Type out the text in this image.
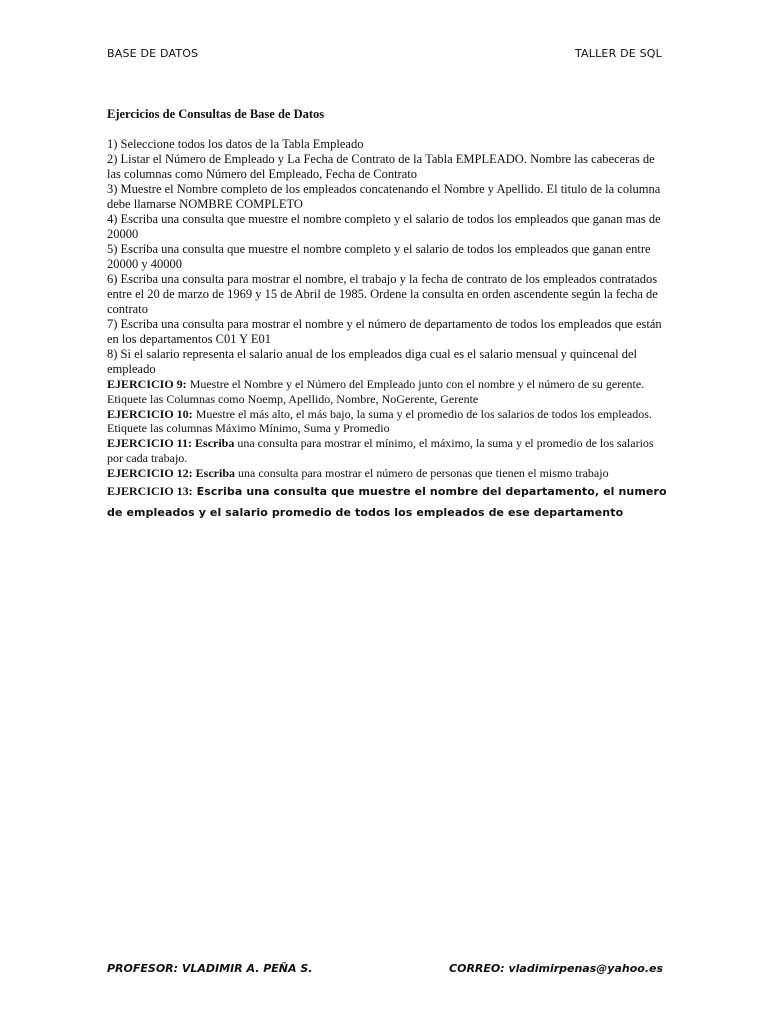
BASE DE DATOS	TALLER DE SQL

Ejercicios de Consultas de Base de Datos

1) Seleccione todos los datos de la Tabla Empleado

2) Listar el Número de Empleado y La Fecha de Contrato de la Tabla EMPLEADO. Nombre las cabeceras de las columnas como Número del Empleado, Fecha de Contrato

3) Muestre el Nombre completo de los empleados concatenando el Nombre y Apellido. El titulo de la columna debe llamarse NOMBRE COMPLETO

4) Escriba una consulta que muestre el nombre completo y el salario de todos los empleados que ganan mas de 20000

5) Escriba una consulta que muestre el nombre completo y el salario de todos los empleados que ganan entre 20000 y 40000

6) Escriba una consulta para mostrar el nombre, el trabajo y la fecha de contrato de los empleados contratados entre el 20 de marzo de 1969 y 15 de Abril de 1985. Ordene la consulta en orden ascendente según la fecha de contrato

7) Escriba una consulta para mostrar el nombre y el número de departamento de todos los empleados que están en los departamentos C01 Y E01

8) Si el salario representa el salario anual de los empleados diga cual es el salario mensual y quincenal del empleado

EJERCICIO 9: Muestre el Nombre y el Número del Empleado junto con el nombre y el número de su gerente. Etiquete las Columnas como Noemp, Apellido, Nombre, NoGerente, Gerente

EJERCICIO 10: Muestre el más alto, el más bajo, la suma y el promedio de los salarios de todos los empleados. Etiquete las columnas Máximo Mínimo, Suma y Promedio

EJERCICIO 11: Escriba una consulta para mostrar el mínimo, el máximo, la suma y el promedio de los salarios por cada trabajo.

EJERCICIO 12: Escriba una consulta para mostrar el número de personas que tienen el mismo trabajo

EJERCICIO 13: Escriba una consulta que muestre el nombre del departamento, el numero de empleados y el salario promedio de todos los empleados de ese departamento

PROFESOR: VLADIMIR A. PEÑA S.	CORREO: vladimirpenas@yahoo.es
